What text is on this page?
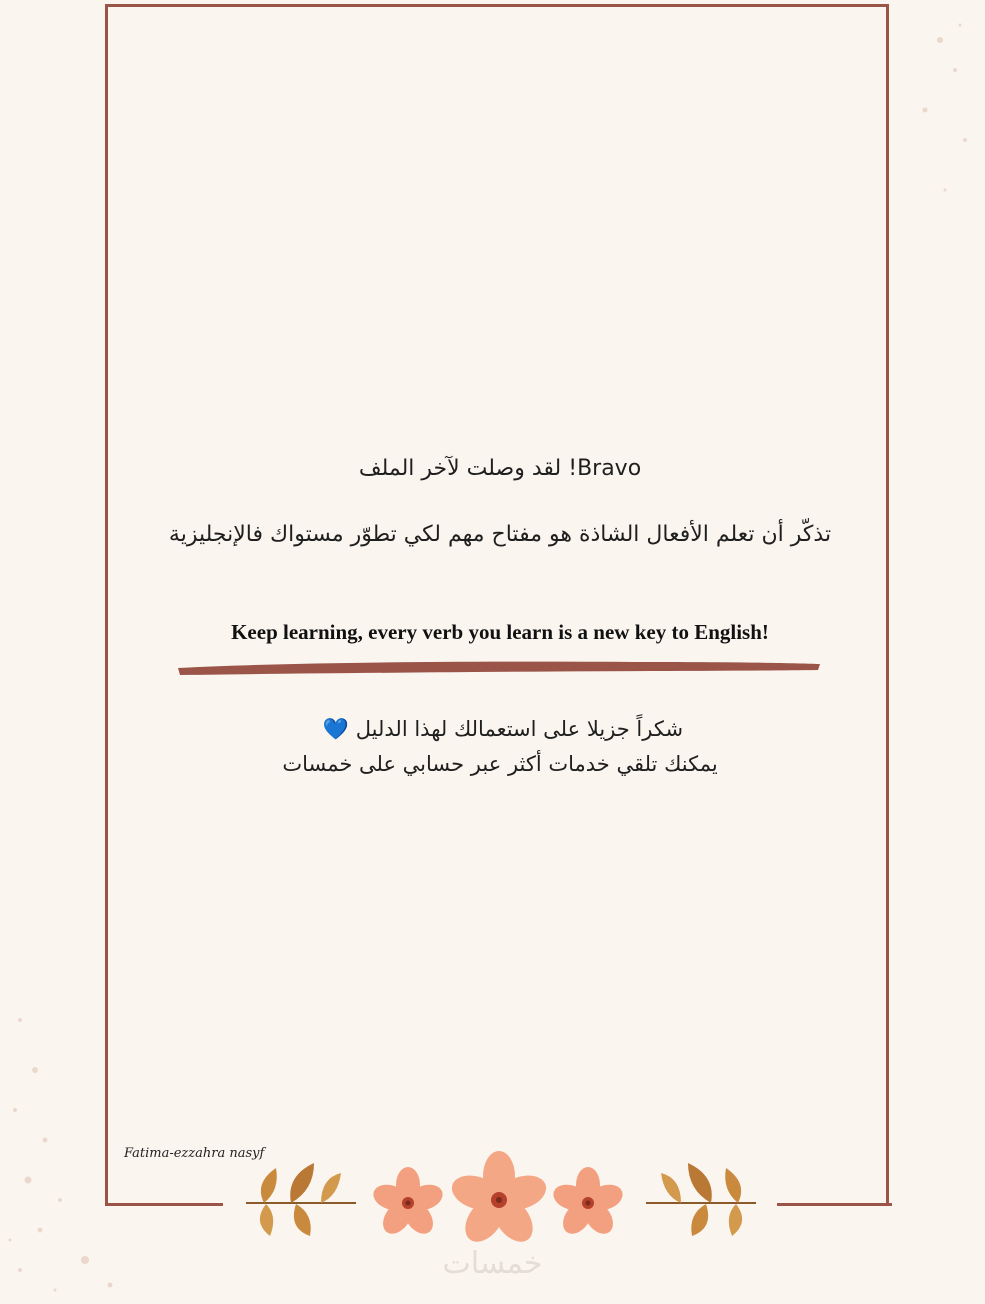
Bravo! لقد وصلت لآخر الملف
تذكّر أن تعلم الأفعال الشاذة هو مفتاح مهم لكي تطوّر مستواك فالإنجليزية
Keep learning, every verb you learn is a new key to English!
شكراً جزيلا على استعمالك لهذا الدليل 💙
يمكنك تلقي خدمات أكثر عبر حسابي على خمسات
Fatima-ezzahra nasyf
خمسات
